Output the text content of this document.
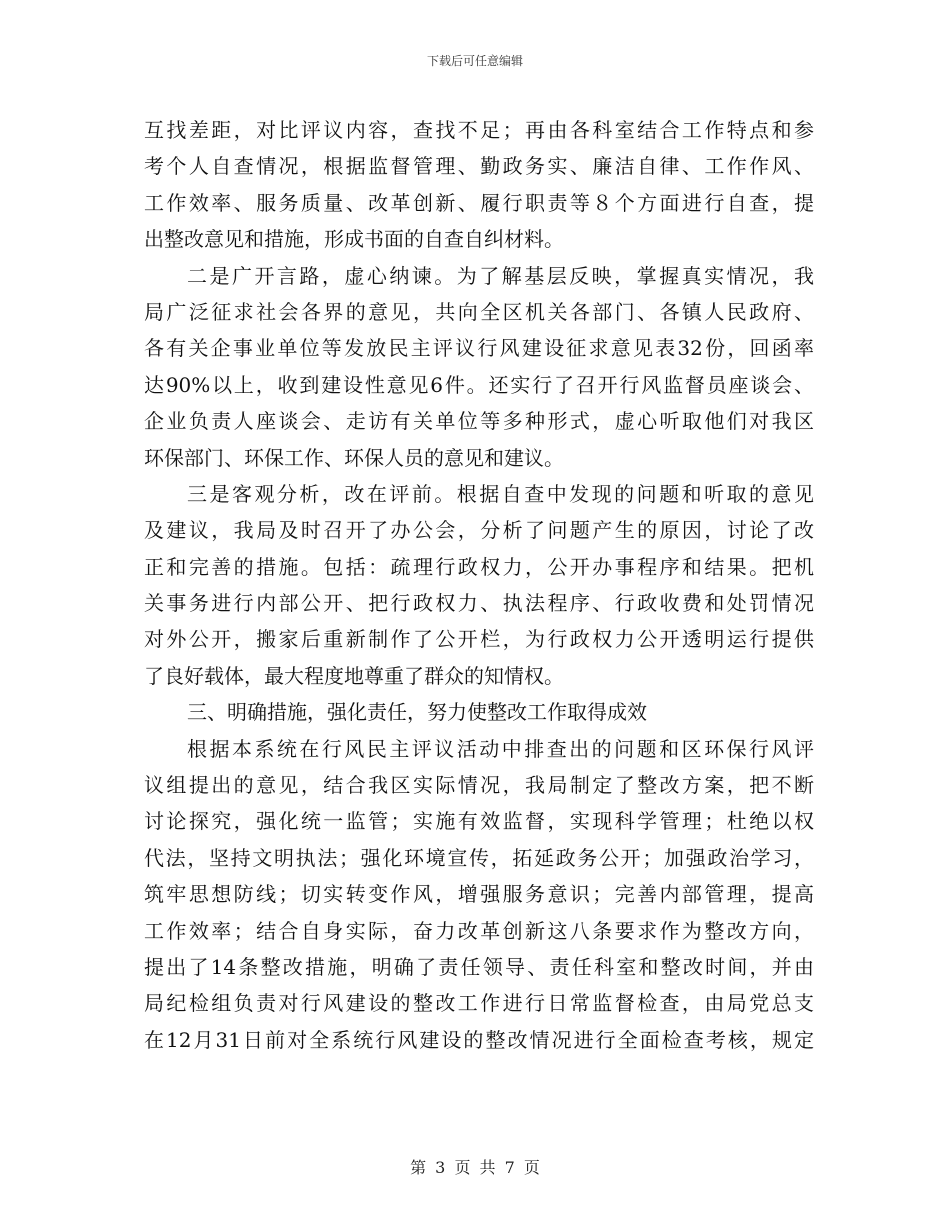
下载后可任意编辑
互找差距，对比评议内容，查找不足；再由各科室结合工作特点和参
考个人自查情况，根据监督管理、勤政务实、廉洁自律、工作作风、
工作效率、服务质量、改革创新、履行职责等８个方面进行自查，提
出整改意见和措施，形成书面的自查自纠材料。
二是广开言路，虚心纳谏。为了解基层反映，掌握真实情况，我
局广泛征求社会各界的意见，共向全区机关各部门、各镇人民政府、
各有关企事业单位等发放民主评议行风建设征求意见表32份，回函率
达90%以上，收到建设性意见6件。还实行了召开行风监督员座谈会、
企业负责人座谈会、走访有关单位等多种形式，虚心听取他们对我区
环保部门、环保工作、环保人员的意见和建议。
三是客观分析，改在评前。根据自查中发现的问题和听取的意见
及建议，我局及时召开了办公会，分析了问题产生的原因，讨论了改
正和完善的措施。包括：疏理行政权力，公开办事程序和结果。把机
关事务进行内部公开、把行政权力、执法程序、行政收费和处罚情况
对外公开，搬家后重新制作了公开栏，为行政权力公开透明运行提供
了良好载体，最大程度地尊重了群众的知情权。
三、明确措施，强化责任，努力使整改工作取得成效
根据本系统在行风民主评议活动中排查出的问题和区环保行风评
议组提出的意见，结合我区实际情况，我局制定了整改方案，把不断
讨论探究，强化统一监管；实施有效监督，实现科学管理；杜绝以权
代法，坚持文明执法；强化环境宣传，拓延政务公开；加强政治学习，
筑牢思想防线；切实转变作风，增强服务意识；完善内部管理，提高
工作效率；结合自身实际，奋力改革创新这八条要求作为整改方向，
提出了14条整改措施，明确了责任领导、责任科室和整改时间，并由
局纪检组负责对行风建设的整改工作进行日常监督检查，由局党总支
在12月31日前对全系统行风建设的整改情况进行全面检查考核，规定
第 3 页 共 7 页
